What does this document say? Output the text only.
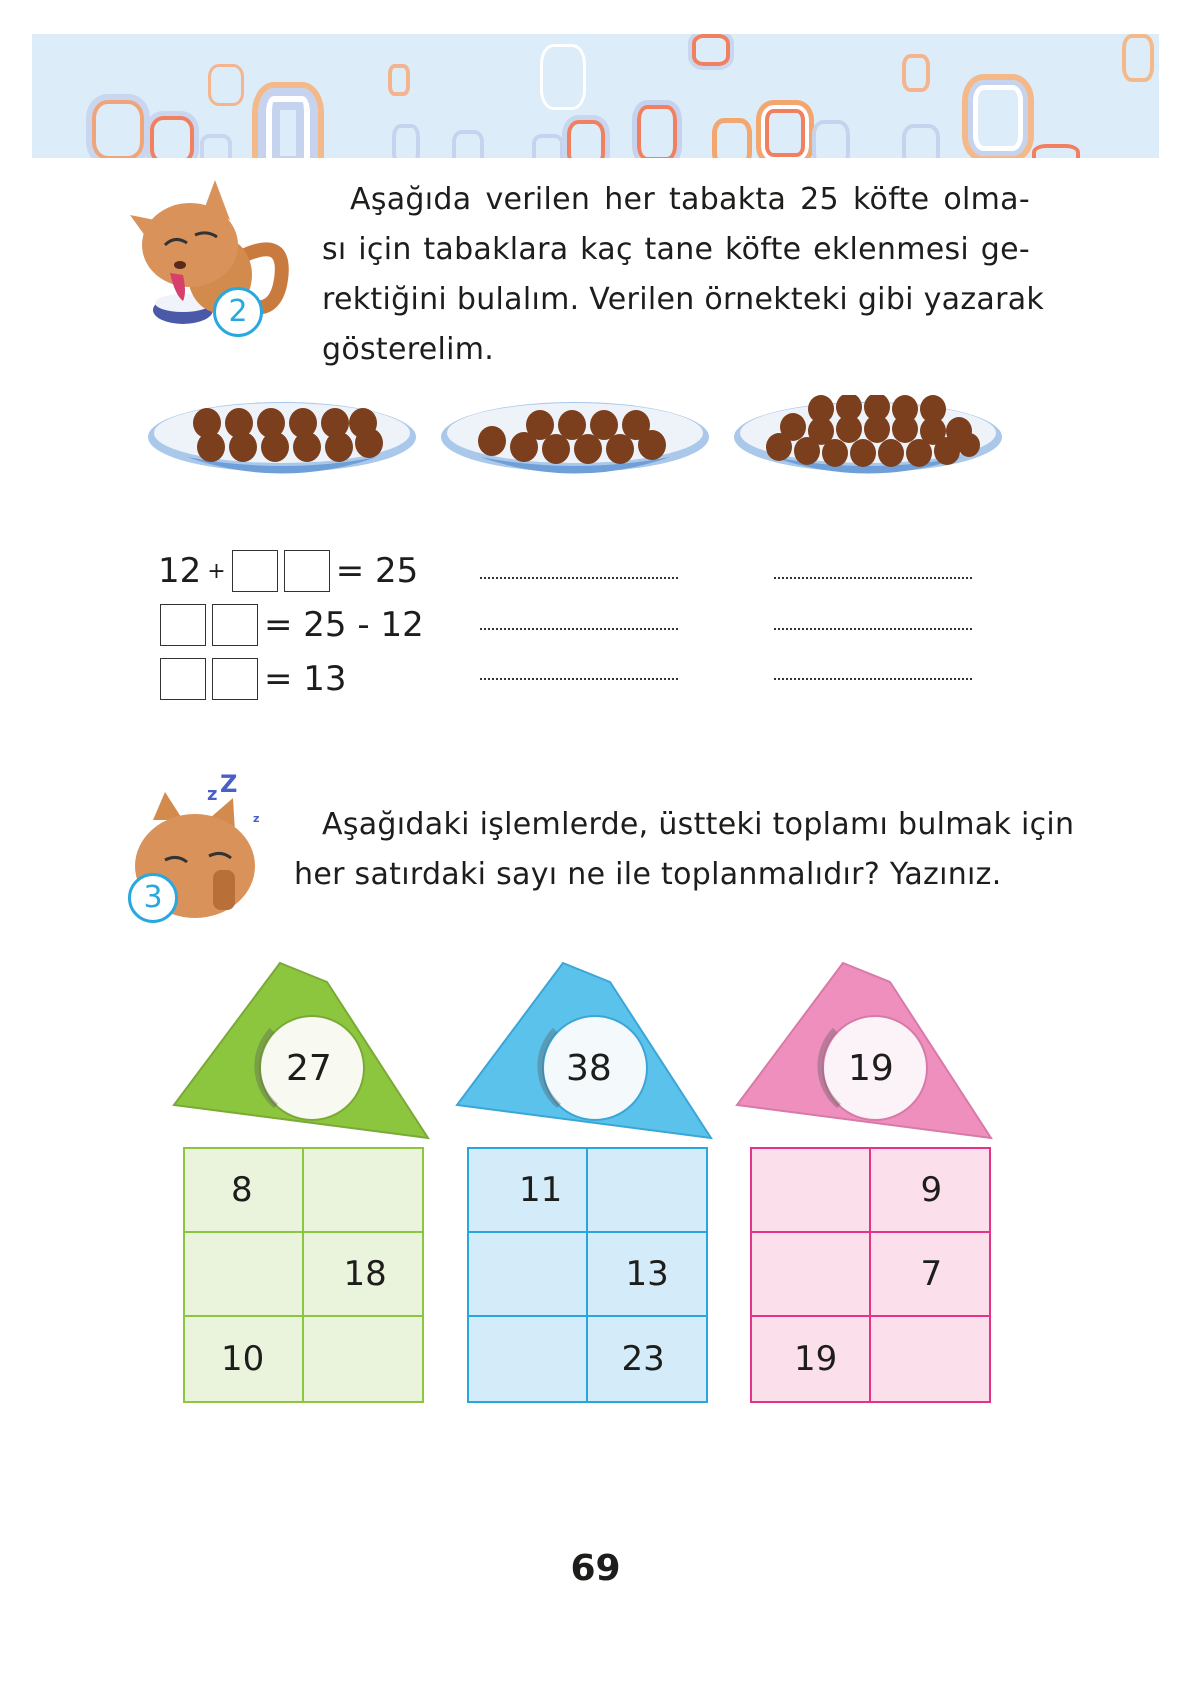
2
Aşağıda verilen her tabakta 25 köfte olma-
sı için tabaklara kaç tane köfte eklenmesi ge-
rektiğini bulalım. Verilen örnekteki gibi yazarak
gösterelim.
12 +	= 25
= 25 - 12
= 13
z Z
z
3
Aşağıdaki işlemlerde, üstteki toplamı bulmak için
her satırdaki sayı ne ile toplanmalıdır? Yazınız.
27
8
18
10
38
11
13
23
19
9
7
19
69
